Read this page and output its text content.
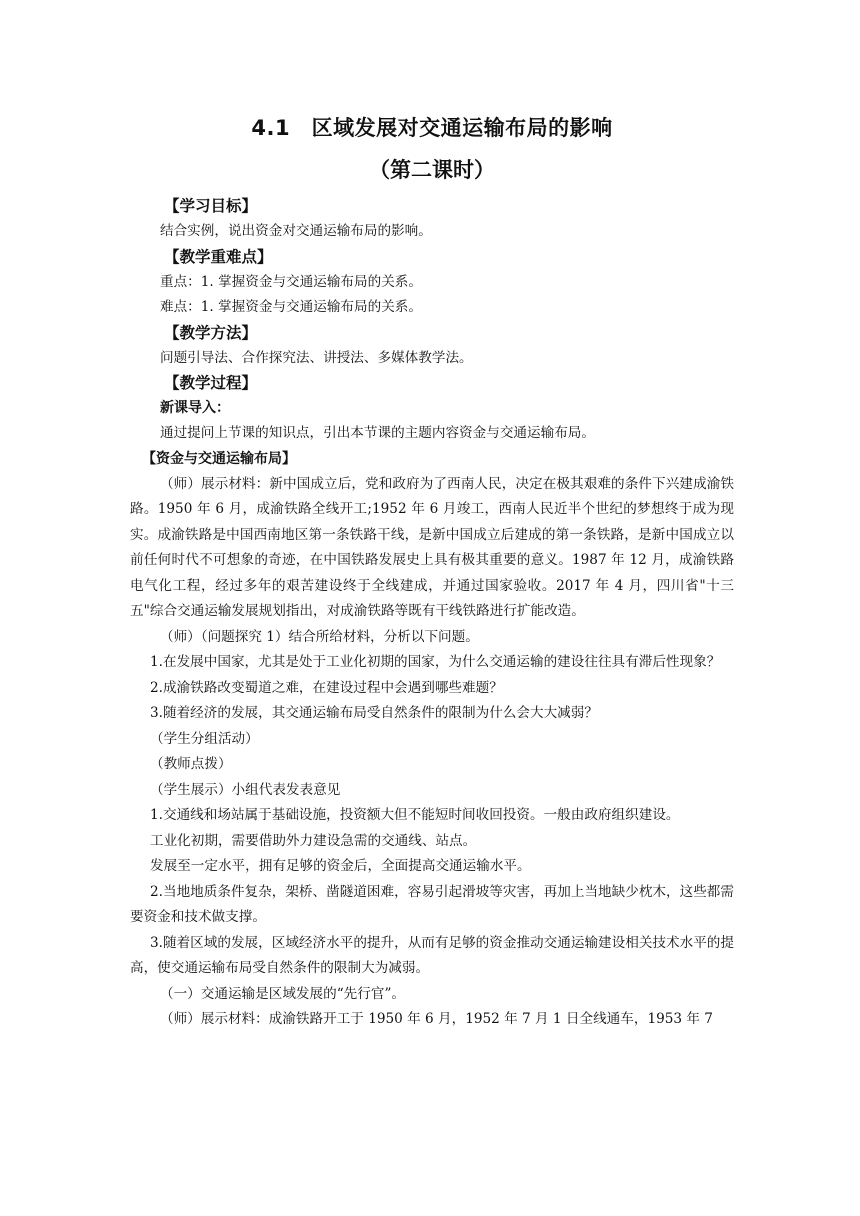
4.1　区域发展对交通运输布局的影响
（第二课时）
【学习目标】
结合实例，说出资金对交通运输布局的影响。
【教学重难点】
重点：1. 掌握资金与交通运输布局的关系。
难点：1. 掌握资金与交通运输布局的关系。
【教学方法】
问题引导法、合作探究法、讲授法、多媒体教学法。
【教学过程】
新课导入：
通过提问上节课的知识点，引出本节课的主题内容资金与交通运输布局。
【资金与交通运输布局】
（师）展示材料：新中国成立后，党和政府为了西南人民，决定在极其艰难的条件下兴建成渝铁路。1950 年 6 月，成渝铁路全线开工;1952 年 6 月竣工，西南人民近半个世纪的梦想终于成为现实。成渝铁路是中国西南地区第一条铁路干线，是新中国成立后建成的第一条铁路，是新中国成立以前任何时代不可想象的奇迹，在中国铁路发展史上具有极其重要的意义。1987 年 12 月，成渝铁路电气化工程，经过多年的艰苦建设终于全线建成，并通过国家验收。2017 年 4 月，四川省"十三五"综合交通运输发展规划指出，对成渝铁路等既有干线铁路进行扩能改造。
（师）（问题探究 1）结合所给材料，分析以下问题。
1.在发展中国家，尤其是处于工业化初期的国家，为什么交通运输的建设往往具有滞后性现象？
2.成渝铁路改变蜀道之难，在建设过程中会遇到哪些难题？
3.随着经济的发展，其交通运输布局受自然条件的限制为什么会大大减弱？
（学生分组活动）
（教师点拨）
（学生展示）小组代表发表意见
1.交通线和场站属于基础设施，投资额大但不能短时间收回投资。一般由政府组织建设。
工业化初期，需要借助外力建设急需的交通线、站点。
发展至一定水平，拥有足够的资金后，全面提高交通运输水平。
2.当地地质条件复杂，架桥、凿隧道困难，容易引起滑坡等灾害，再加上当地缺少枕木，这些都需要资金和技术做支撑。
3.随着区域的发展，区域经济水平的提升，从而有足够的资金推动交通运输建设相关技术水平的提高，使交通运输布局受自然条件的限制大为减弱。
（一）交通运输是区域发展的“先行官”。
（师）展示材料：成渝铁路开工于 1950 年 6 月，1952 年 7 月 1 日全线通车，1953 年 7
